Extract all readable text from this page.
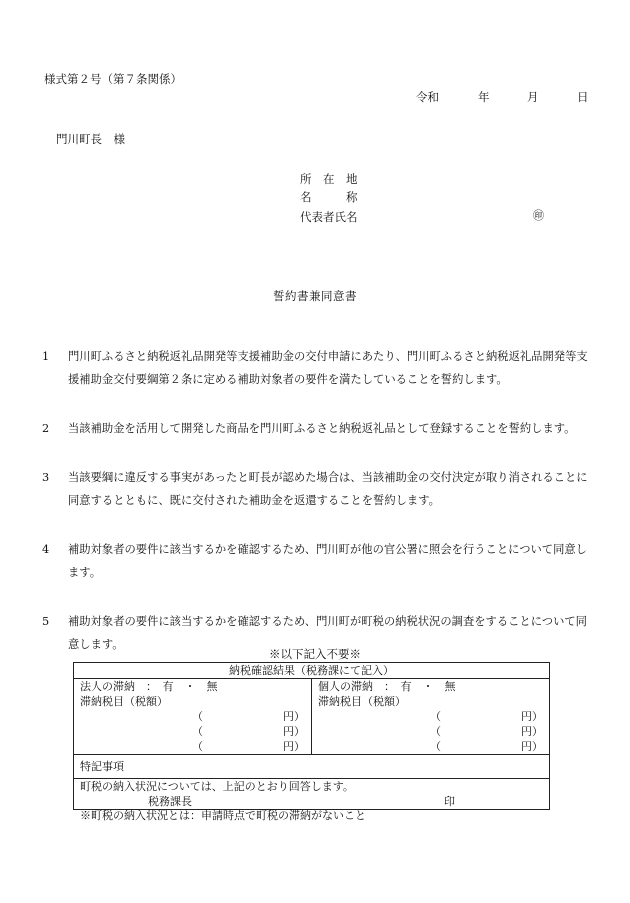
様式第２号（第７条関係）
令和	年	月	日
門川町長　様
所　在　地
名　　　称
代表者氏名	㊞
誓約書兼同意書
1	門川町ふるさと納税返礼品開発等支援補助金の交付申請にあたり、門川町ふるさと納税返礼品開発等支援補助金交付要綱第２条に定める補助対象者の要件を満たしていることを誓約します。
2	当該補助金を活用して開発した商品を門川町ふるさと納税返礼品として登録することを誓約します。
3	当該要綱に違反する事実があったと町長が認めた場合は、当該補助金の交付決定が取り消されることに同意するとともに、既に交付された補助金を返還することを誓約します。
4	補助対象者の要件に該当するかを確認するため、門川町が他の官公署に照会を行うことについて同意します。
5	補助対象者の要件に該当するかを確認するため、門川町が町税の納税状況の調査をすることについて同意します。
※以下記入不要※
納税確認結果（税務課にて記入）

法人の滞納　：　有　・　無
滞納税目（税額）
（	円）
（	円）
（	円）

個人の滞納　：　有　・　無
滞納税目（税額）
（	円）
（	円）
（	円）

特記事項

町税の納入状況については、上記のとおり回答します。
税務課長	印
※町税の納入状況とは：申請時点で町税の滞納がないこと
